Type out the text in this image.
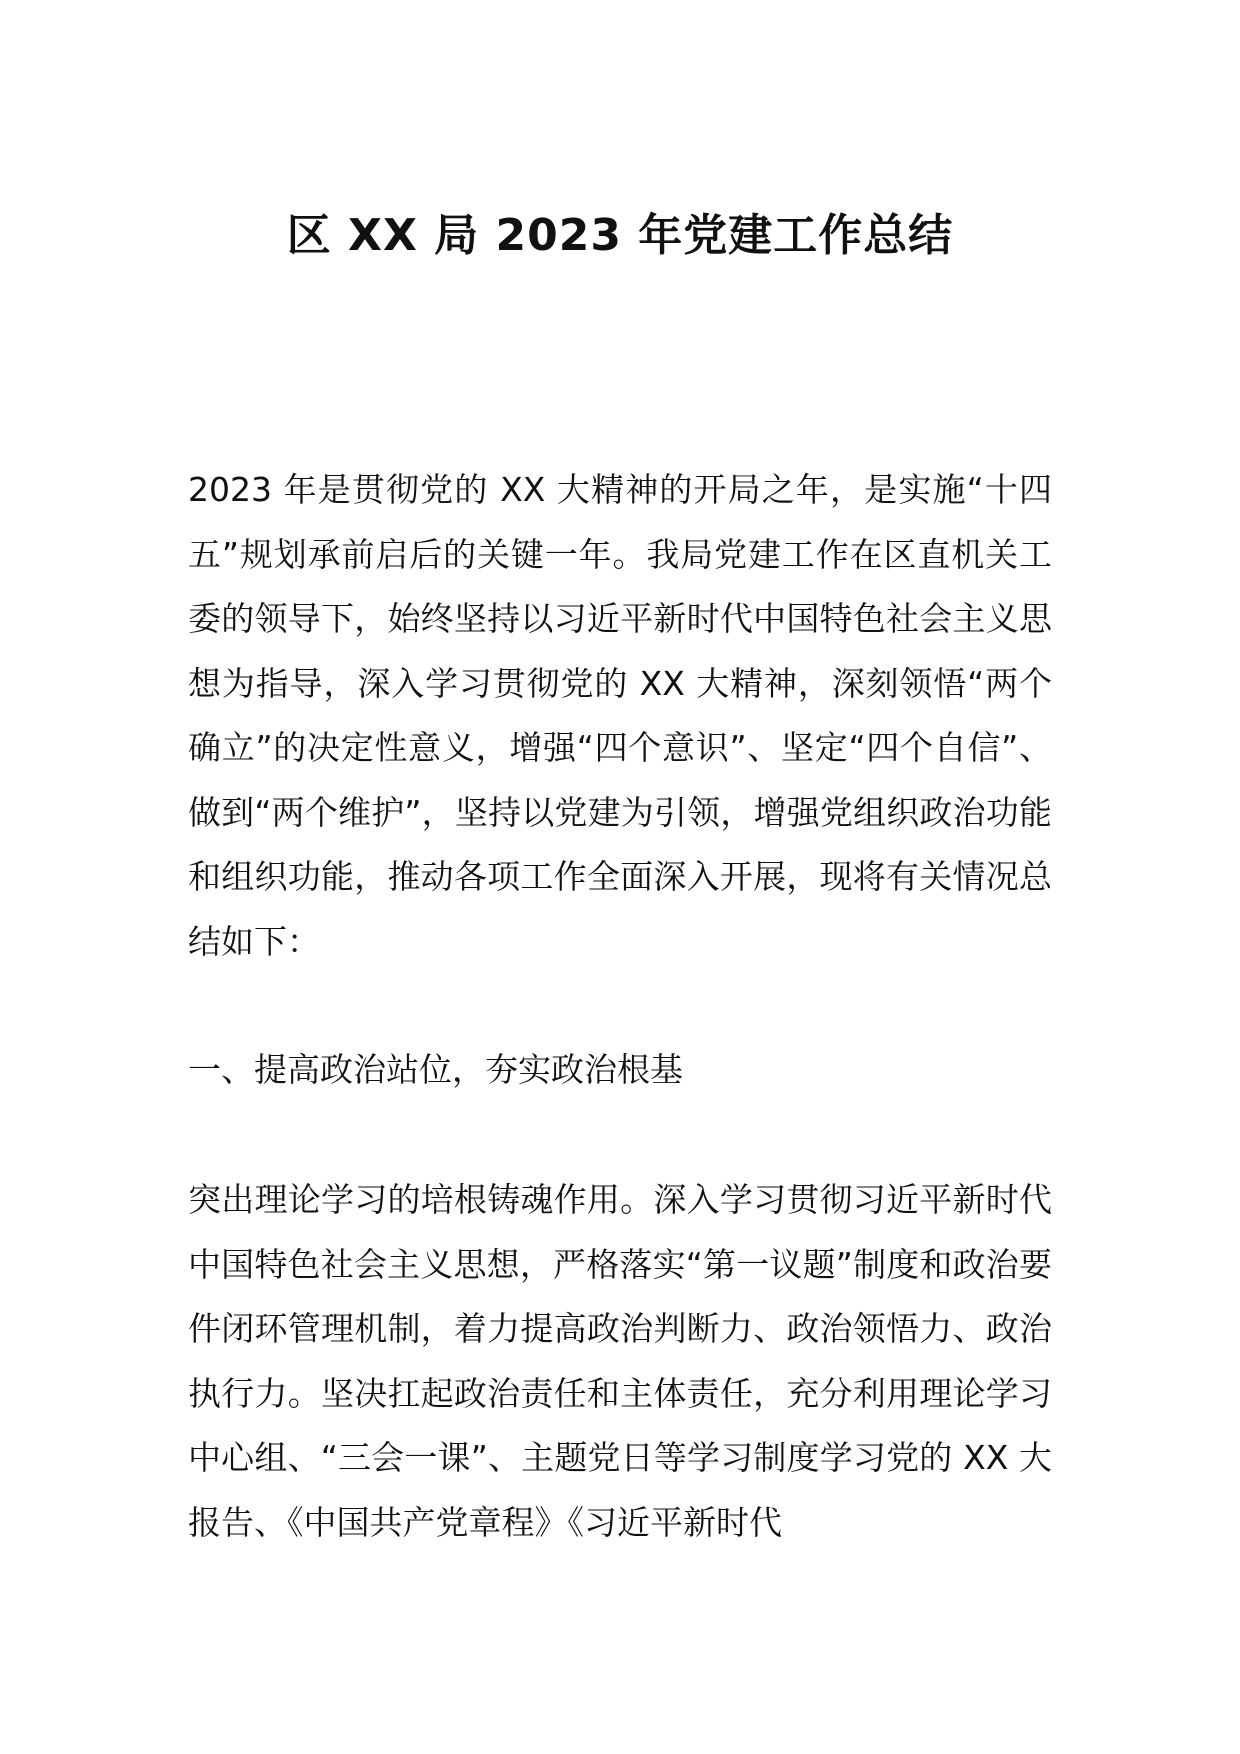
区 XX 局 2023 年党建工作总结
2023 年是贯彻党的 XX 大精神的开局之年，是实施“十四五”规划承前启后的关键一年。我局党建工作在区直机关工委的领导下，始终坚持以习近平新时代中国特色社会主义思想为指导，深入学习贯彻党的 XX 大精神，深刻领悟“两个确立”的决定性意义，增强“四个意识”、坚定“四个自信”、做到“两个维护”，坚持以党建为引领，增强党组织政治功能和组织功能，推动各项工作全面深入开展，现将有关情况总结如下：
一、提高政治站位，夯实政治根基
突出理论学习的培根铸魂作用。深入学习贯彻习近平新时代中国特色社会主义思想，严格落实“第一议题”制度和政治要件闭环管理机制，着力提高政治判断力、政治领悟力、政治执行力。坚决扛起政治责任和主体责任，充分利用理论学习中心组、“三会一课”、主题党日等学习制度学习党的 XX 大报告、《中国共产党章程》《习近平新时代
